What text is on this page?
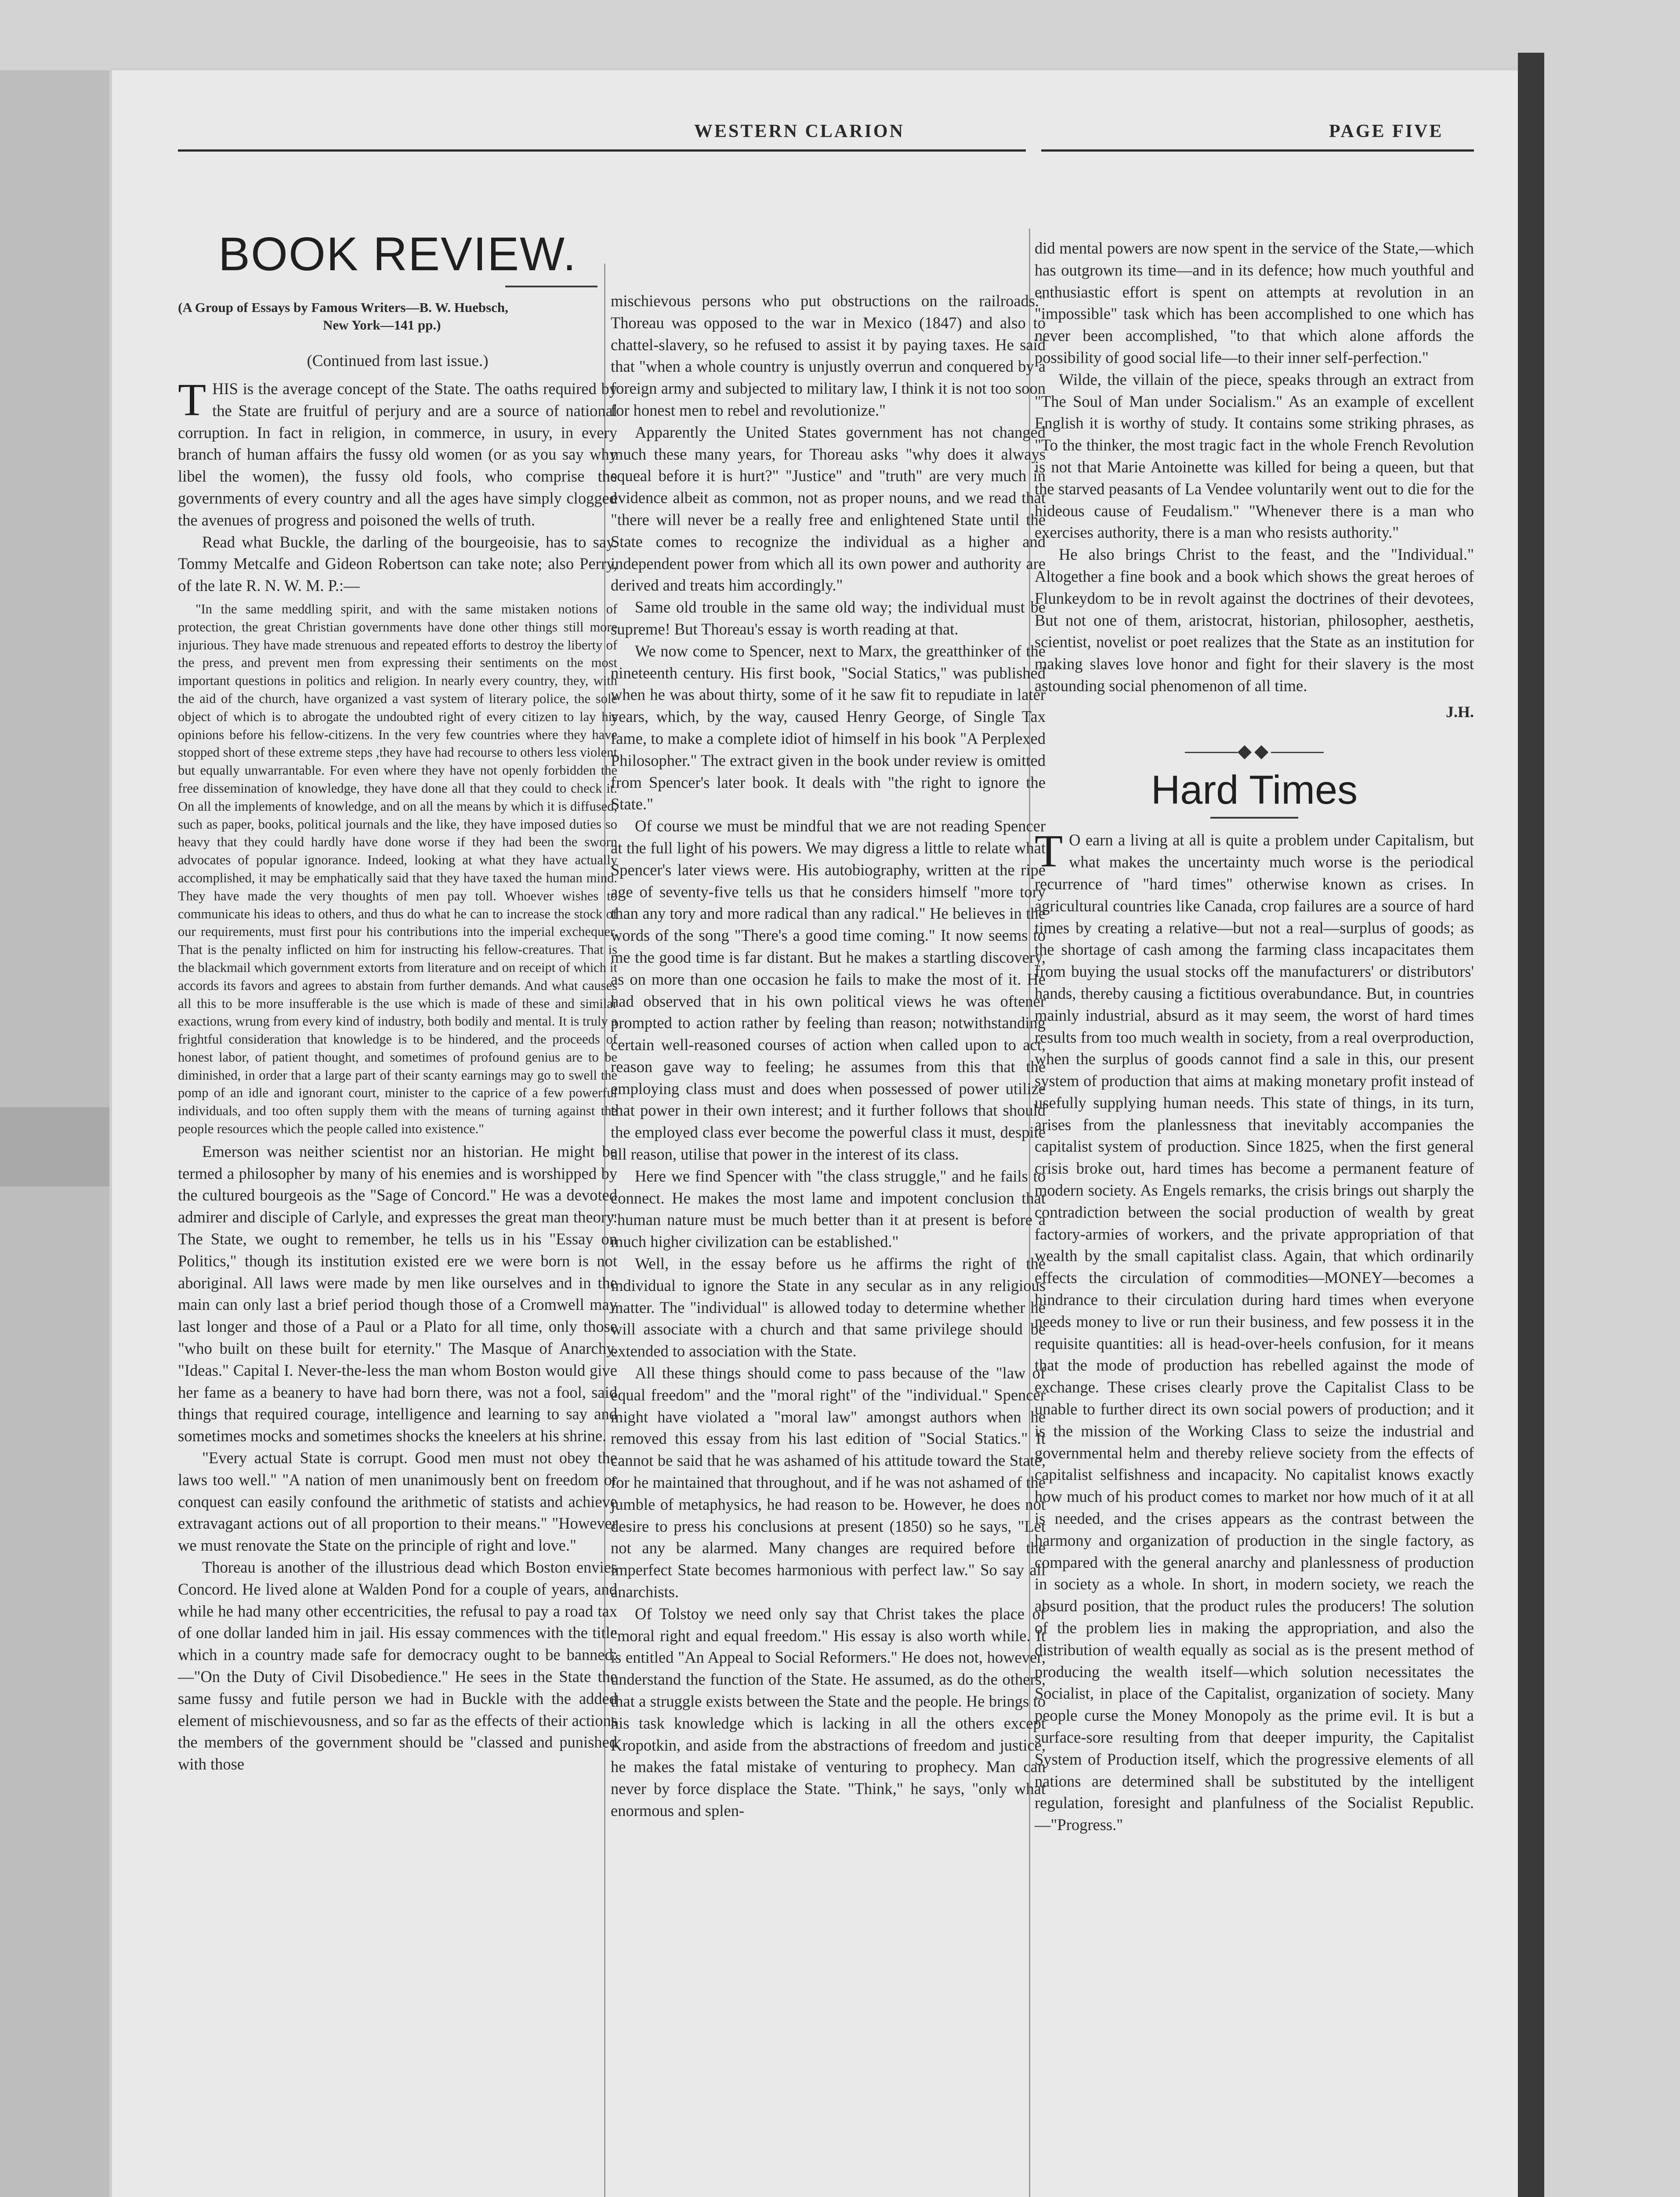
WESTERN CLARION	PAGE FIVE
BOOK REVIEW.
(A Group of Essays by Famous Writers—B. W. Huebsch,
New York—141 pp.)
(Continued from last issue.)

THIS is the average concept of the State. The oaths required by the State are fruitful of perjury and are a source of national corruption. In fact in religion, in commerce, in usury, in every branch of human affairs the fussy old women (or as you say why libel the women), the fussy old fools, who comprise the governments of every country and all the ages have simply clogged the avenues of progress and poisoned the wells of truth.

Read what Buckle, the darling of the bourgeoisie, has to say. Tommy Metcalfe and Gideon Robertson can take note; also Perry, of the late R. N. W. M. P.:—

"In the same meddling spirit, and with the same mistaken notions of protection, the great Christian governments have done other things still more injurious. They have made strenuous and repeated efforts to destroy the liberty of the press, and prevent men from expressing their sentiments on the most important questions in politics and religion. In nearly every country, they, with the aid of the church, have organized a vast system of literary police, the sole object of which is to abrogate the undoubted right of every citizen to lay his opinions before his fellow-citizens. In the very few countries where they have stopped short of these extreme steps ,they have had recourse to others less violent but equally unwarrantable. For even where they have not openly forbidden the free dissemination of knowledge, they have done all that they could to check it. On all the implements of knowledge, and on all the means by which it is diffused, such as paper, books, political journals and the like, they have imposed duties so heavy that they could hardly have done worse if they had been the sworn advocates of popular ignorance. Indeed, looking at what they have actually accomplished, it may be emphatically said that they have taxed the human mind. They have made the very thoughts of men pay toll. Whoever wishes to communicate his ideas to others, and thus do what he can to increase the stock of our requirements, must first pour his contributions into the imperial exchequer. That is the penalty inflicted on him for instructing his fellow-creatures. That is the blackmail which government extorts from literature and on receipt of which it accords its favors and agrees to abstain from further demands. And what causes all this to be more insufferable is the use which is made of these and similar exactions, wrung from every kind of industry, both bodily and mental. It is truly a frightful consideration that knowledge is to be hindered, and the proceeds of honest labor, of patient thought, and sometimes of profound genius are to be diminished, in order that a large part of their scanty earnings may go to swell the pomp of an idle and ignorant court, minister to the caprice of a few powerful individuals, and too often supply them with the means of turning against the people resources which the people called into existence."

Emerson was neither scientist nor an historian. He might be termed a philosopher by many of his enemies and is worshipped by the cultured bourgeois as the "Sage of Concord." He was a devoted admirer and disciple of Carlyle, and expresses the great man theory. The State, we ought to remember, he tells us in his "Essay on Politics," though its institution existed ere we were born is not aboriginal. All laws were made by men like ourselves and in the main can only last a brief period though those of a Cromwell may last longer and those of a Paul or a Plato for all time, only those "who built on these built for eternity." The Masque of Anarchy. "Ideas." Capital I. Never-the-less the man whom Boston would give her fame as a beanery to have had born there, was not a fool, said things that required courage, intelligence and learning to say and sometimes mocks and sometimes shocks the kneelers at his shrine.

"Every actual State is corrupt. Good men must not obey the laws too well." "A nation of men unanimously bent on freedom or conquest can easily confound the arithmetic of statists and achieve extravagant actions out of all proportion to their means." "However we must renovate the State on the principle of right and love."

Thoreau is another of the illustrious dead which Boston envies Concord. He lived alone at Walden Pond for a couple of years, and while he had many other eccentricities, the refusal to pay a road tax of one dollar landed him in jail. His essay commences with the title which in a country made safe for democracy ought to be banned:—"On the Duty of Civil Disobedience." He sees in the State the same fussy and futile person we had in Buckle with the added element of mischievousness, and so far as the effects of their actions the members of the government should be "classed and punished with those

mischievous persons who put obstructions on the railroads." Thoreau was opposed to the war in Mexico (1847) and also to chattel-slavery, so he refused to assist it by paying taxes. He said that "when a whole country is unjustly overrun and conquered by a foreign army and subjected to military law, I think it is not too soon for honest men to rebel and revolutionize."

Apparently the United States government has not changed much these many years, for Thoreau asks "why does it always squeal before it is hurt?" "Justice" and "truth" are very much in evidence albeit as common, not as proper nouns, and we read that "there will never be a really free and enlightened State until the State comes to recognize the individual as a higher and independent power from which all its own power and authority are derived and treats him accordingly."

Same old trouble in the same old way; the individual must be supreme! But Thoreau's essay is worth reading at that.

We now come to Spencer, next to Marx, the greatthinker of the nineteenth century. His first book, "Social Statics," was published when he was about thirty, some of it he saw fit to repudiate in later years, which, by the way, caused Henry George, of Single Tax fame, to make a complete idiot of himself in his book "A Perplexed Philosopher." The extract given in the book under review is omitted from Spencer's later book. It deals with "the right to ignore the State."

Of course we must be mindful that we are not reading Spencer at the full light of his powers. We may digress a little to relate what Spencer's later views were. His autobiography, written at the ripe age of seventy-five tells us that he considers himself "more tory than any tory and more radical than any radical." He believes in the words of the song "There's a good time coming." It now seems to me the good time is far distant. But he makes a startling discovery, as on more than one occasion he fails to make the most of it. He had observed that in his own political views he was oftener prompted to action rather by feeling than reason; notwithstanding certain well-reasoned courses of action when called upon to act, reason gave way to feeling; he assumes from this that the employing class must and does when possessed of power utilize that power in their own interest; and it further follows that should the employed class ever become the powerful class it must, despite all reason, utilise that power in the interest of its class.

Here we find Spencer with "the class struggle," and he fails to connect. He makes the most lame and impotent conclusion that "human nature must be much better than it at present is before a much higher civilization can be established."

Well, in the essay before us he affirms the right of the individual to ignore the State in any secular as in any religious matter. The "individual" is allowed today to determine whether he will associate with a church and that same privilege should be extended to association with the State.

All these things should come to pass because of the "law of equal freedom" and the "moral right" of the "individual." Spencer might have violated a "moral law" amongst authors when he removed this essay from his last edition of "Social Statics." It cannot be said that he was ashamed of his attitude toward the State, for he maintained that throughout, and if he was not ashamed of the jumble of metaphysics, he had reason to be. However, he does not desire to press his conclusions at present (1850) so he says, "Let not any be alarmed. Many changes are required before the imperfect State becomes harmonious with perfect law." So say all anarchists.

Of Tolstoy we need only say that Christ takes the place of "moral right and equal freedom." His essay is also worth while. It is entitled "An Appeal to Social Reformers." He does not, however, understand the function of the State. He assumed, as do the others, that a struggle exists between the State and the people. He brings to his task knowledge which is lacking in all the others except Kropotkin, and aside from the abstractions of freedom and justice, he makes the fatal mistake of venturing to prophecy. Man can never by force displace the State. "Think," he says, "only what enormous and splen-

did mental powers are now spent in the service of the State,—which has outgrown its time—and in its defence; how much youthful and enthusiastic effort is spent on attempts at revolution in an "impossible" task which has been accomplished to one which has never been accomplished, "to that which alone affords the possibility of good social life—to their inner self-perfection."

Wilde, the villain of the piece, speaks through an extract from "The Soul of Man under Socialism." As an example of excellent English it is worthy of study. It contains some striking phrases, as "To the thinker, the most tragic fact in the whole French Revolution is not that Marie Antoinette was killed for being a queen, but that the starved peasants of La Vendee voluntarily went out to die for the hideous cause of Feudalism." "Whenever there is a man who exercises authority, there is a man who resists authority."

He also brings Christ to the feast, and the "Individual." Altogether a fine book and a book which shows the great heroes of Flunkeydom to be in revolt against the doctrines of their devotees, But not one of them, aristocrat, historian, philosopher, aesthetis, scientist, novelist or poet realizes that the State as an institution for making slaves love honor and fight for their slavery is the most astounding social phenomenon of all time.

J.H.
◆◆
Hard Times

T O earn a living at all is quite a problem under Capitalism, but what makes the uncertainty much worse is the periodical recurrence of "hard times" otherwise known as crises. In agricultural countries like Canada, crop failures are a source of hard times by creating a relative—but not a real—surplus of goods; as the shortage of cash among the farming class incapacitates them from buying the usual stocks off the manufacturers' or distributors' hands, thereby causing a fictitious overabundance. But, in countries mainly industrial, absurd as it may seem, the worst of hard times results from too much wealth in society, from a real overproduction, when the surplus of goods cannot find a sale in this, our present system of production that aims at making monetary profit instead of usefully supplying human needs. This state of things, in its turn, arises from the planlessness that inevitably accompanies the capitalist system of production. Since 1825, when the first general crisis broke out, hard times has become a permanent feature of modern society. As Engels remarks, the crisis brings out sharply the contradiction between the social production of wealth by great factory-armies of workers, and the private appropriation of that wealth by the small capitalist class. Again, that which ordinarily effects the circulation of commodities—MONEY—becomes a hindrance to their circulation during hard times when everyone needs money to live or run their business, and few possess it in the requisite quantities: all is head-over-heels confusion, for it means that the mode of production has rebelled against the mode of exchange. These crises clearly prove the Capitalist Class to be unable to further direct its own social powers of production; and it is the mission of the Working Class to seize the industrial and governmental helm and thereby relieve society from the effects of capitalist selfishness and incapacity. No capitalist knows exactly how much of his product comes to market nor how much of it at all is needed, and the crises appears as the contrast between the harmony and organization of production in the single factory, as compared with the general anarchy and planlessness of production in society as a whole. In short, in modern society, we reach the absurd position, that the product rules the producers! The solution of the problem lies in making the appropriation, and also the distribution of wealth equally as social as is the present method of producing the wealth itself—which solution necessitates the Socialist, in place of the Capitalist, organization of society. Many people curse the Money Monopoly as the prime evil. It is but a surface-sore resulting from that deeper impurity, the Capitalist System of Production itself, which the progressive elements of all nations are determined shall be substituted by the intelligent regulation, foresight and planfulness of the Socialist Republic.—"Progress."
